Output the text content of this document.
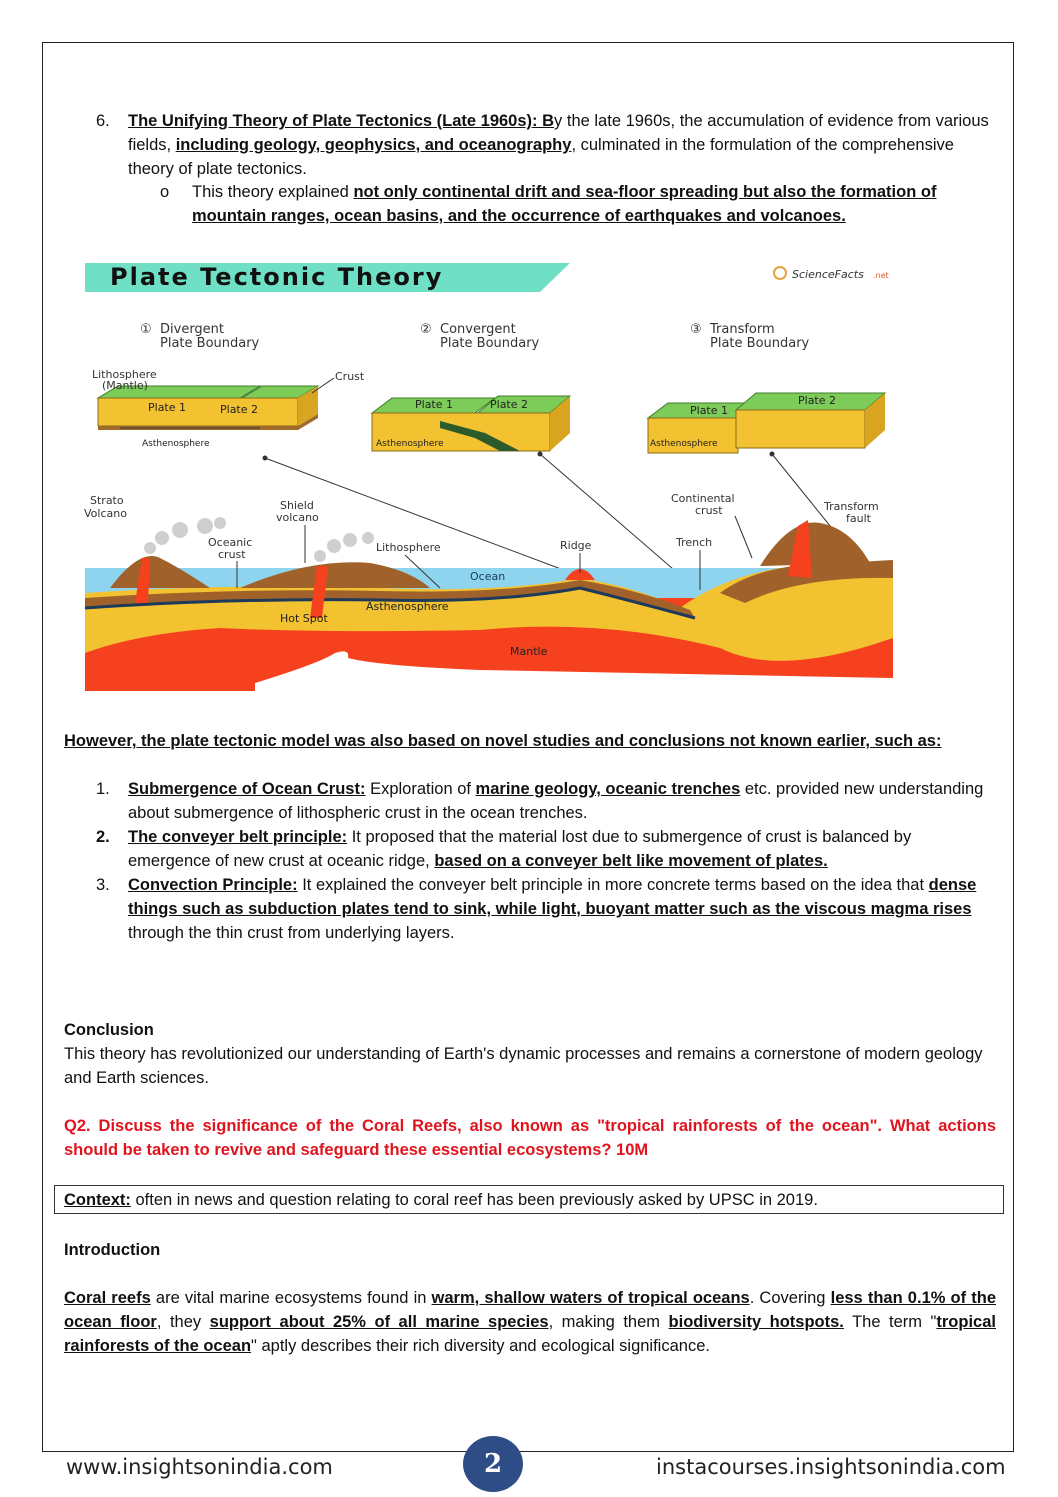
6. The Unifying Theory of Plate Tectonics (Late 1960s): By the late 1960s, the accumulation of evidence from various fields, including geology, geophysics, and oceanography, culminated in the formulation of the comprehensive theory of plate tectonics.

o This theory explained not only continental drift and sea-floor spreading but also the formation of mountain ranges, ocean basins, and the occurrence of earthquakes and volcanoes.

Plate Tectonic Theory	ScienceFacts .net
① Divergent
Plate Boundary
② Convergent
Plate Boundary
③ Transform
Plate Boundary
Lithosphere
(Mantle)
Crust
Plate 1	Plate 2
Asthenosphere
Plate 1	Plate 2
Asthenosphere
Plate 1
Plate 2
Asthenosphere
Strato
Volcano
Shield
volcano
Oceanic
crust
Lithosphere	Ridge
Ocean
Trench
Continental
crust	Transform
fault
Asthenosphere
Hot Spot
Mantle

However, the plate tectonic model was also based on novel studies and conclusions not known earlier, such as:

1. Submergence of Ocean Crust: Exploration of marine geology, oceanic trenches etc. provided new understanding about submergence of lithospheric crust in the ocean trenches.

2. The conveyer belt principle: It proposed that the material lost due to submergence of crust is balanced by emergence of new crust at oceanic ridge, based on a conveyer belt like movement of plates.

3. Convection Principle: It explained the conveyer belt principle in more concrete terms based on the idea that dense things such as subduction plates tend to sink, while light, buoyant matter such as the viscous magma rises through the thin crust from underlying layers.

Conclusion

This theory has revolutionized our understanding of Earth's dynamic processes and remains a cornerstone of modern geology and Earth sciences.

Q2. Discuss the significance of the Coral Reefs, also known as "tropical rainforests of the ocean". What actions should be taken to revive and safeguard these essential ecosystems? 10M

Context: often in news and question relating to coral reef has been previously asked by UPSC in 2019.

Introduction

Coral reefs are vital marine ecosystems found in warm, shallow waters of tropical oceans. Covering less than 0.1% of the ocean floor, they support about 25% of all marine species, making them biodiversity hotspots. The term "tropical rainforests of the ocean" aptly describes their rich diversity and ecological significance.

www.insightsonindia.com	2	instacourses.insightsonindia.com
